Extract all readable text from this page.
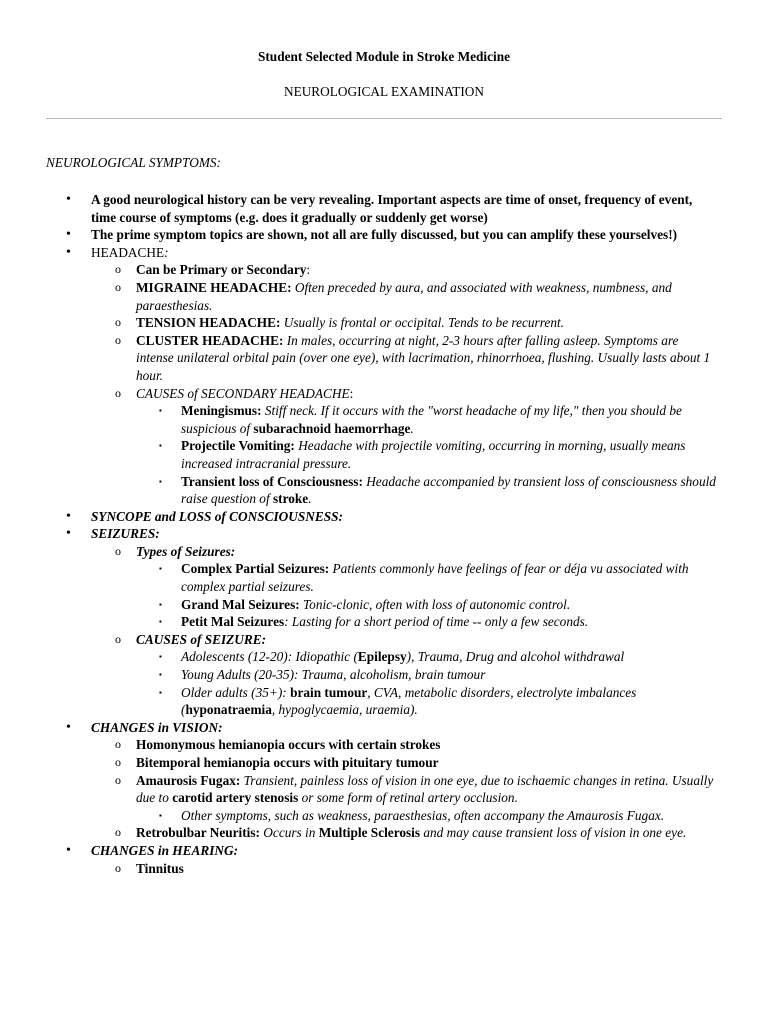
Student Selected Module in Stroke Medicine
NEUROLOGICAL EXAMINATION
NEUROLOGICAL SYMPTOMS:
• A good neurological history can be very revealing. Important aspects are time of onset, frequency of event, time course of symptoms (e.g. does it gradually or suddenly get worse)
• The prime symptom topics are shown, not all are fully discussed, but you can amplify these yourselves!)
• HEADACHE:
o Can be Primary or Secondary:
o MIGRAINE HEADACHE: Often preceded by aura, and associated with weakness, numbness, and paraesthesias.
o TENSION HEADACHE: Usually is frontal or occipital. Tends to be recurrent.
o CLUSTER HEADACHE: In males, occurring at night, 2-3 hours after falling asleep. Symptoms are intense unilateral orbital pain (over one eye), with lacrimation, rhinorrhoea, flushing. Usually lasts about 1 hour.
o CAUSES of SECONDARY HEADACHE:
▪ Meningismus: Stiff neck. If it occurs with the "worst headache of my life," then you should be suspicious of subarachnoid haemorrhage.
▪ Projectile Vomiting: Headache with projectile vomiting, occurring in morning, usually means increased intracranial pressure.
▪ Transient loss of Consciousness: Headache accompanied by transient loss of consciousness should raise question of stroke.
• SYNCOPE and LOSS of CONSCIOUSNESS:
• SEIZURES:
o Types of Seizures:
▪ Complex Partial Seizures: Patients commonly have feelings of fear or déja vu associated with complex partial seizures.
▪ Grand Mal Seizures: Tonic-clonic, often with loss of autonomic control.
▪ Petit Mal Seizures: Lasting for a short period of time -- only a few seconds.
o CAUSES of SEIZURE:
▪ Adolescents (12-20): Idiopathic (Epilepsy), Trauma, Drug and alcohol withdrawal
▪ Young Adults (20-35): Trauma, alcoholism, brain tumour
▪ Older adults (35+): brain tumour, CVA, metabolic disorders, electrolyte imbalances (hyponatraemia, hypoglycaemia, uraemia).
• CHANGES in VISION:
o Homonymous hemianopia occurs with certain strokes
o Bitemporal hemianopia occurs with pituitary tumour
o Amaurosis Fugax: Transient, painless loss of vision in one eye, due to ischaemic changes in retina. Usually due to carotid artery stenosis or some form of retinal artery occlusion.
▪ Other symptoms, such as weakness, paraesthesias, often accompany the Amaurosis Fugax.
o Retrobulbar Neuritis: Occurs in Multiple Sclerosis and may cause transient loss of vision in one eye.
• CHANGES in HEARING:
o Tinnitus
